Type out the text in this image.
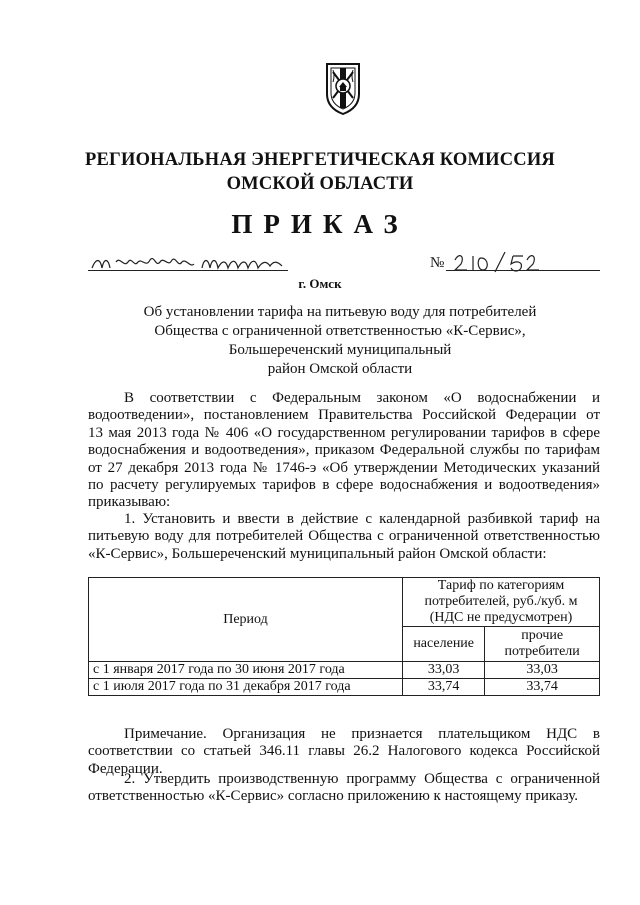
РЕГИОНАЛЬНАЯ ЭНЕРГЕТИЧЕСКАЯ КОМИССИЯ
ОМСКОЙ ОБЛАСТИ
ПРИКАЗ
№
г. Омск
Об установлении тарифа на питьевую воду для потребителей
Общества с ограниченной ответственностью «К-Сервис»,
Большереченский муниципальный
район Омской области
В соответствии с Федеральным законом «О водоснабжении и
водоотведении», постановлением Правительства Российской Федерации от
13 мая 2013 года № 406 «О государственном регулировании тарифов в сфере
водоснабжения и водоотведения», приказом Федеральной службы по тарифам
от 27 декабря 2013 года № 1746-э «Об утверждении Методических указаний
по расчету регулируемых тарифов в сфере водоснабжения и водоотведения»
приказываю:
1. Установить и ввести в действие с календарной разбивкой тариф на
питьевую воду для потребителей Общества с ограниченной ответственностью
«К-Сервис», Большереченский муниципальный район Омской области:
Период	Тариф по категориям потребителей, руб./куб. м (НДС не предусмотрен)	
	население	прочие потребители
с 1 января 2017 года по 30 июня 2017 года	33,03	33,03
с 1 июля 2017 года по 31 декабря 2017 года	33,74	33,74
Примечание. Организация не признается плательщиком НДС в
соответствии со статьей 346.11 главы 26.2 Налогового кодекса Российской
Федерации.
2. Утвердить производственную программу Общества с ограниченной
ответственностью «К-Сервис» согласно приложению к настоящему приказу.
